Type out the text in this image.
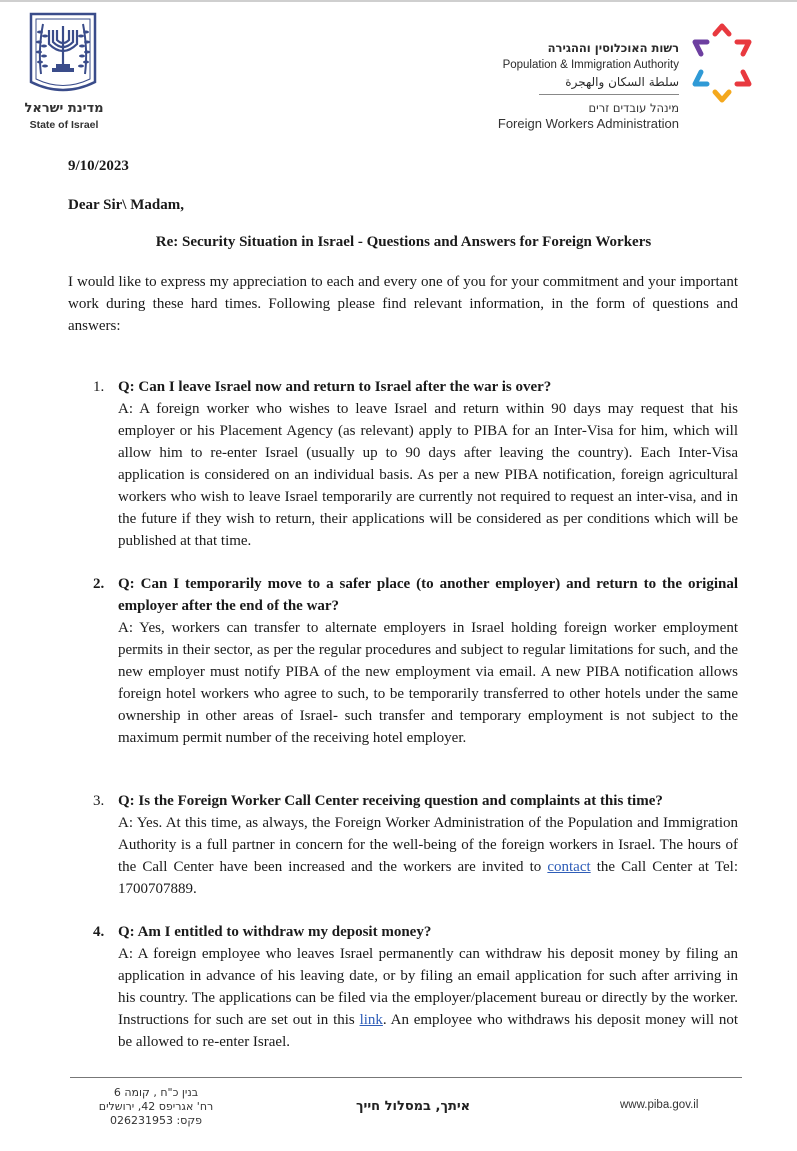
מדינת ישראל
State of Israel
רשות האוכלוסין וההגירה
Population & Immigration Authority
سلطة السكان والهجرة
מינהל עובדים זרים
Foreign Workers Administration
9/10/2023
Dear Sir\ Madam,
Re: Security Situation in Israel - Questions and Answers for Foreign Workers
I would like to express my appreciation to each and every one of you for your commitment and your important work during these hard times. Following please find relevant information, in the form of questions and answers:
1. Q: Can I leave Israel now and return to Israel after the war is over?
A: A foreign worker who wishes to leave Israel and return within 90 days may request that his employer or his Placement Agency (as relevant) apply to PIBA for an Inter-Visa for him, which will allow him to re-enter Israel (usually up to 90 days after leaving the country). Each Inter-Visa application is considered on an individual basis. As per a new PIBA notification, foreign agricultural workers who wish to leave Israel temporarily are currently not required to request an inter-visa, and in the future if they wish to return, their applications will be considered as per conditions which will be published at that time.
2. Q: Can I temporarily move to a safer place (to another employer) and return to the original employer after the end of the war?
A: Yes, workers can transfer to alternate employers in Israel holding foreign worker employment permits in their sector, as per the regular procedures and subject to regular limitations for such, and the new employer must notify PIBA of the new employment via email. A new PIBA notification allows foreign hotel workers who agree to such, to be temporarily transferred to other hotels under the same ownership in other areas of Israel- such transfer and temporary employment is not subject to the maximum permit number of the receiving hotel employer.
3. Q: Is the Foreign Worker Call Center receiving question and complaints at this time?
A: Yes. At this time, as always, the Foreign Worker Administration of the Population and Immigration Authority is a full partner in concern for the well-being of the foreign workers in Israel. The hours of the Call Center have been increased and the workers are invited to contact the Call Center at Tel: 1700707889.
4. Q: Am I entitled to withdraw my deposit money?
A: A foreign employee who leaves Israel permanently can withdraw his deposit money by filing an application in advance of his leaving date, or by filing an email application for such after arriving in his country. The applications can be filed via the employer/placement bureau or directly by the worker. Instructions for such are set out in this link. An employee who withdraws his deposit money will not be allowed to re-enter Israel.
בנין כ"ח , קומה 6
רח' אגריפס 42, ירושלים
פקס: 026231953
איתך, במסלול חייך	www.piba.gov.il
